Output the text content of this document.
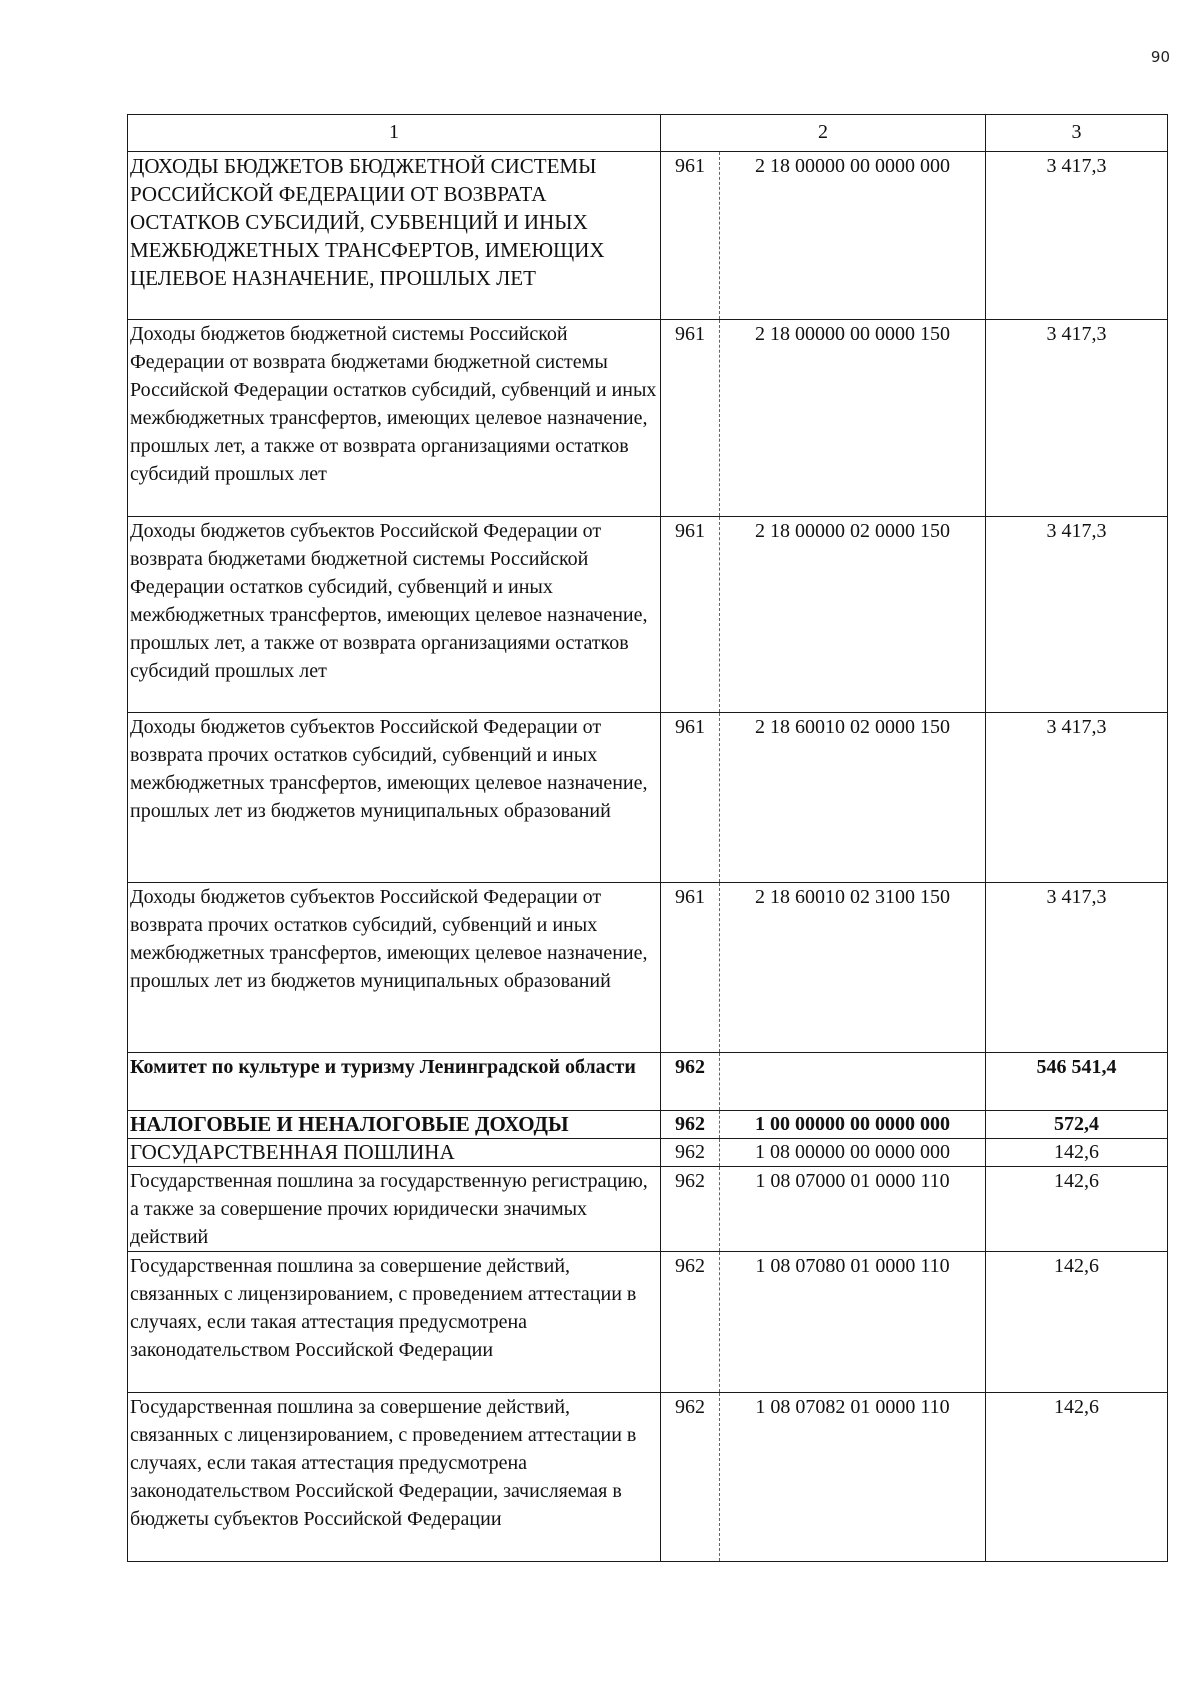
90
1	2		3
ДОХОДЫ БЮДЖЕТОВ БЮДЖЕТНОЙ СИСТЕМЫ РОССИЙСКОЙ ФЕДЕРАЦИИ ОТ ВОЗВРАТА ОСТАТКОВ СУБСИДИЙ, СУБВЕНЦИЙ И ИНЫХ МЕЖБЮДЖЕТНЫХ ТРАНСФЕРТОВ, ИМЕЮЩИХ ЦЕЛЕВОЕ НАЗНАЧЕНИЕ, ПРОШЛЫХ ЛЕТ	961	2 18 00000 00 0000 000	3 417,3
Доходы бюджетов бюджетной системы Российской Федерации от возврата бюджетами бюджетной системы Российской Федерации остатков субсидий, субвенций и иных межбюджетных трансфертов, имеющих целевое назначение, прошлых лет, а также от возврата организациями остатков субсидий прошлых лет	961	2 18 00000 00 0000 150	3 417,3
Доходы бюджетов субъектов Российской Федерации от возврата бюджетами бюджетной системы Российской Федерации остатков субсидий, субвенций и иных межбюджетных трансфертов, имеющих целевое назначение, прошлых лет, а также от возврата организациями остатков субсидий прошлых лет	961	2 18 00000 02 0000 150	3 417,3
Доходы бюджетов субъектов Российской Федерации от возврата прочих остатков субсидий, субвенций и иных межбюджетных трансфертов, имеющих целевое назначение, прошлых лет из бюджетов муниципальных образований	961	2 18 60010 02 0000 150	3 417,3
Доходы бюджетов субъектов Российской Федерации от возврата прочих остатков субсидий, субвенций и иных межбюджетных трансфертов, имеющих целевое назначение, прошлых лет из бюджетов муниципальных образований	961	2 18 60010 02 3100 150	3 417,3
Комитет по культуре и туризму Ленинградской области	962		546 541,4
НАЛОГОВЫЕ И НЕНАЛОГОВЫЕ ДОХОДЫ	962	1 00 00000 00 0000 000	572,4
ГОСУДАРСТВЕННАЯ ПОШЛИНА	962	1 08 00000 00 0000 000	142,6
Государственная пошлина за государственную регистрацию, а также за совершение прочих юридически значимых действий	962	1 08 07000 01 0000 110	142,6
Государственная пошлина за совершение действий, связанных с лицензированием, с проведением аттестации в случаях, если такая аттестация предусмотрена законодательством Российской Федерации	962	1 08 07080 01 0000 110	142,6
Государственная пошлина за совершение действий, связанных с лицензированием, с проведением аттестации в случаях, если такая аттестация предусмотрена законодательством Российской Федерации, зачисляемая в бюджеты субъектов Российской Федерации	962	1 08 07082 01 0000 110	142,6
